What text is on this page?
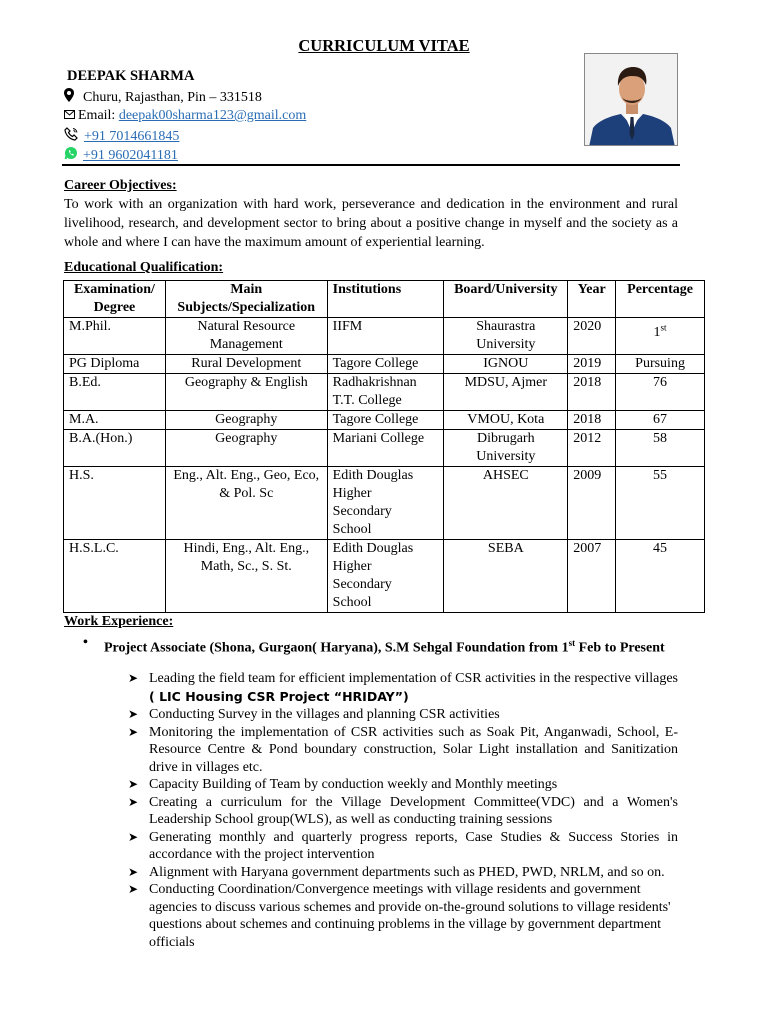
CURRICULUM VITAE
DEEPAK SHARMA
Churu, Rajasthan, Pin – 331518
Email: deepak00sharma123@gmail.com
+91 7014661845
+91 9602041181
Career Objectives:
To work with an organization with hard work, perseverance and dedication in the environment and rural livelihood, research, and development sector to bring about a positive change in myself and the society as a whole and where I can have the maximum amount of experiential learning.
Educational Qualification:
Examination/ Degree	Main Subjects/Specialization	Institutions	Board/University	Year	Percentage
M.Phil.	Natural Resource Management	IIFM	Shaurastra University	2020	1st
PG Diploma	Rural Development	Tagore College	IGNOU	2019	Pursuing
B.Ed.	Geography & English	Radhakrishnan T.T. College	MDSU, Ajmer	2018	76
M.A.	Geography	Tagore College	VMOU, Kota	2018	67
B.A.(Hon.)	Geography	Mariani College	Dibrugarh University	2012	58
H.S.	Eng., Alt. Eng., Geo, Eco, & Pol. Sc	Edith Douglas Higher Secondary School	AHSEC	2009	55
H.S.L.C.	Hindi, Eng., Alt. Eng., Math, Sc., S. St.	Edith Douglas Higher Secondary School	SEBA	2007	45
Work Experience:
• Project Associate (Shona, Gurgaon( Haryana), S.M Sehgal Foundation from 1st Feb to Present
➤ Leading the field team for efficient implementation of CSR activities in the respective villages ( LIC Housing CSR Project “HRIDAY”)
➤ Conducting Survey in the villages and planning CSR activities
➤ Monitoring the implementation of CSR activities such as Soak Pit, Anganwadi, School, E- Resource Centre & Pond boundary construction, Solar Light installation and Sanitization drive in villages etc.
➤ Capacity Building of Team by conduction weekly and Monthly meetings
➤ Creating a curriculum for the Village Development Committee(VDC) and a Women's Leadership School group(WLS), as well as conducting training sessions
➤ Generating monthly and quarterly progress reports, Case Studies & Success Stories in accordance with the project intervention
➤ Alignment with Haryana government departments such as PHED, PWD, NRLM, and so on.
➤ Conducting Coordination/Convergence meetings with village residents and government agencies to discuss various schemes and provide on-the-ground solutions to village residents' questions about schemes and continuing problems in the village by government department officials
